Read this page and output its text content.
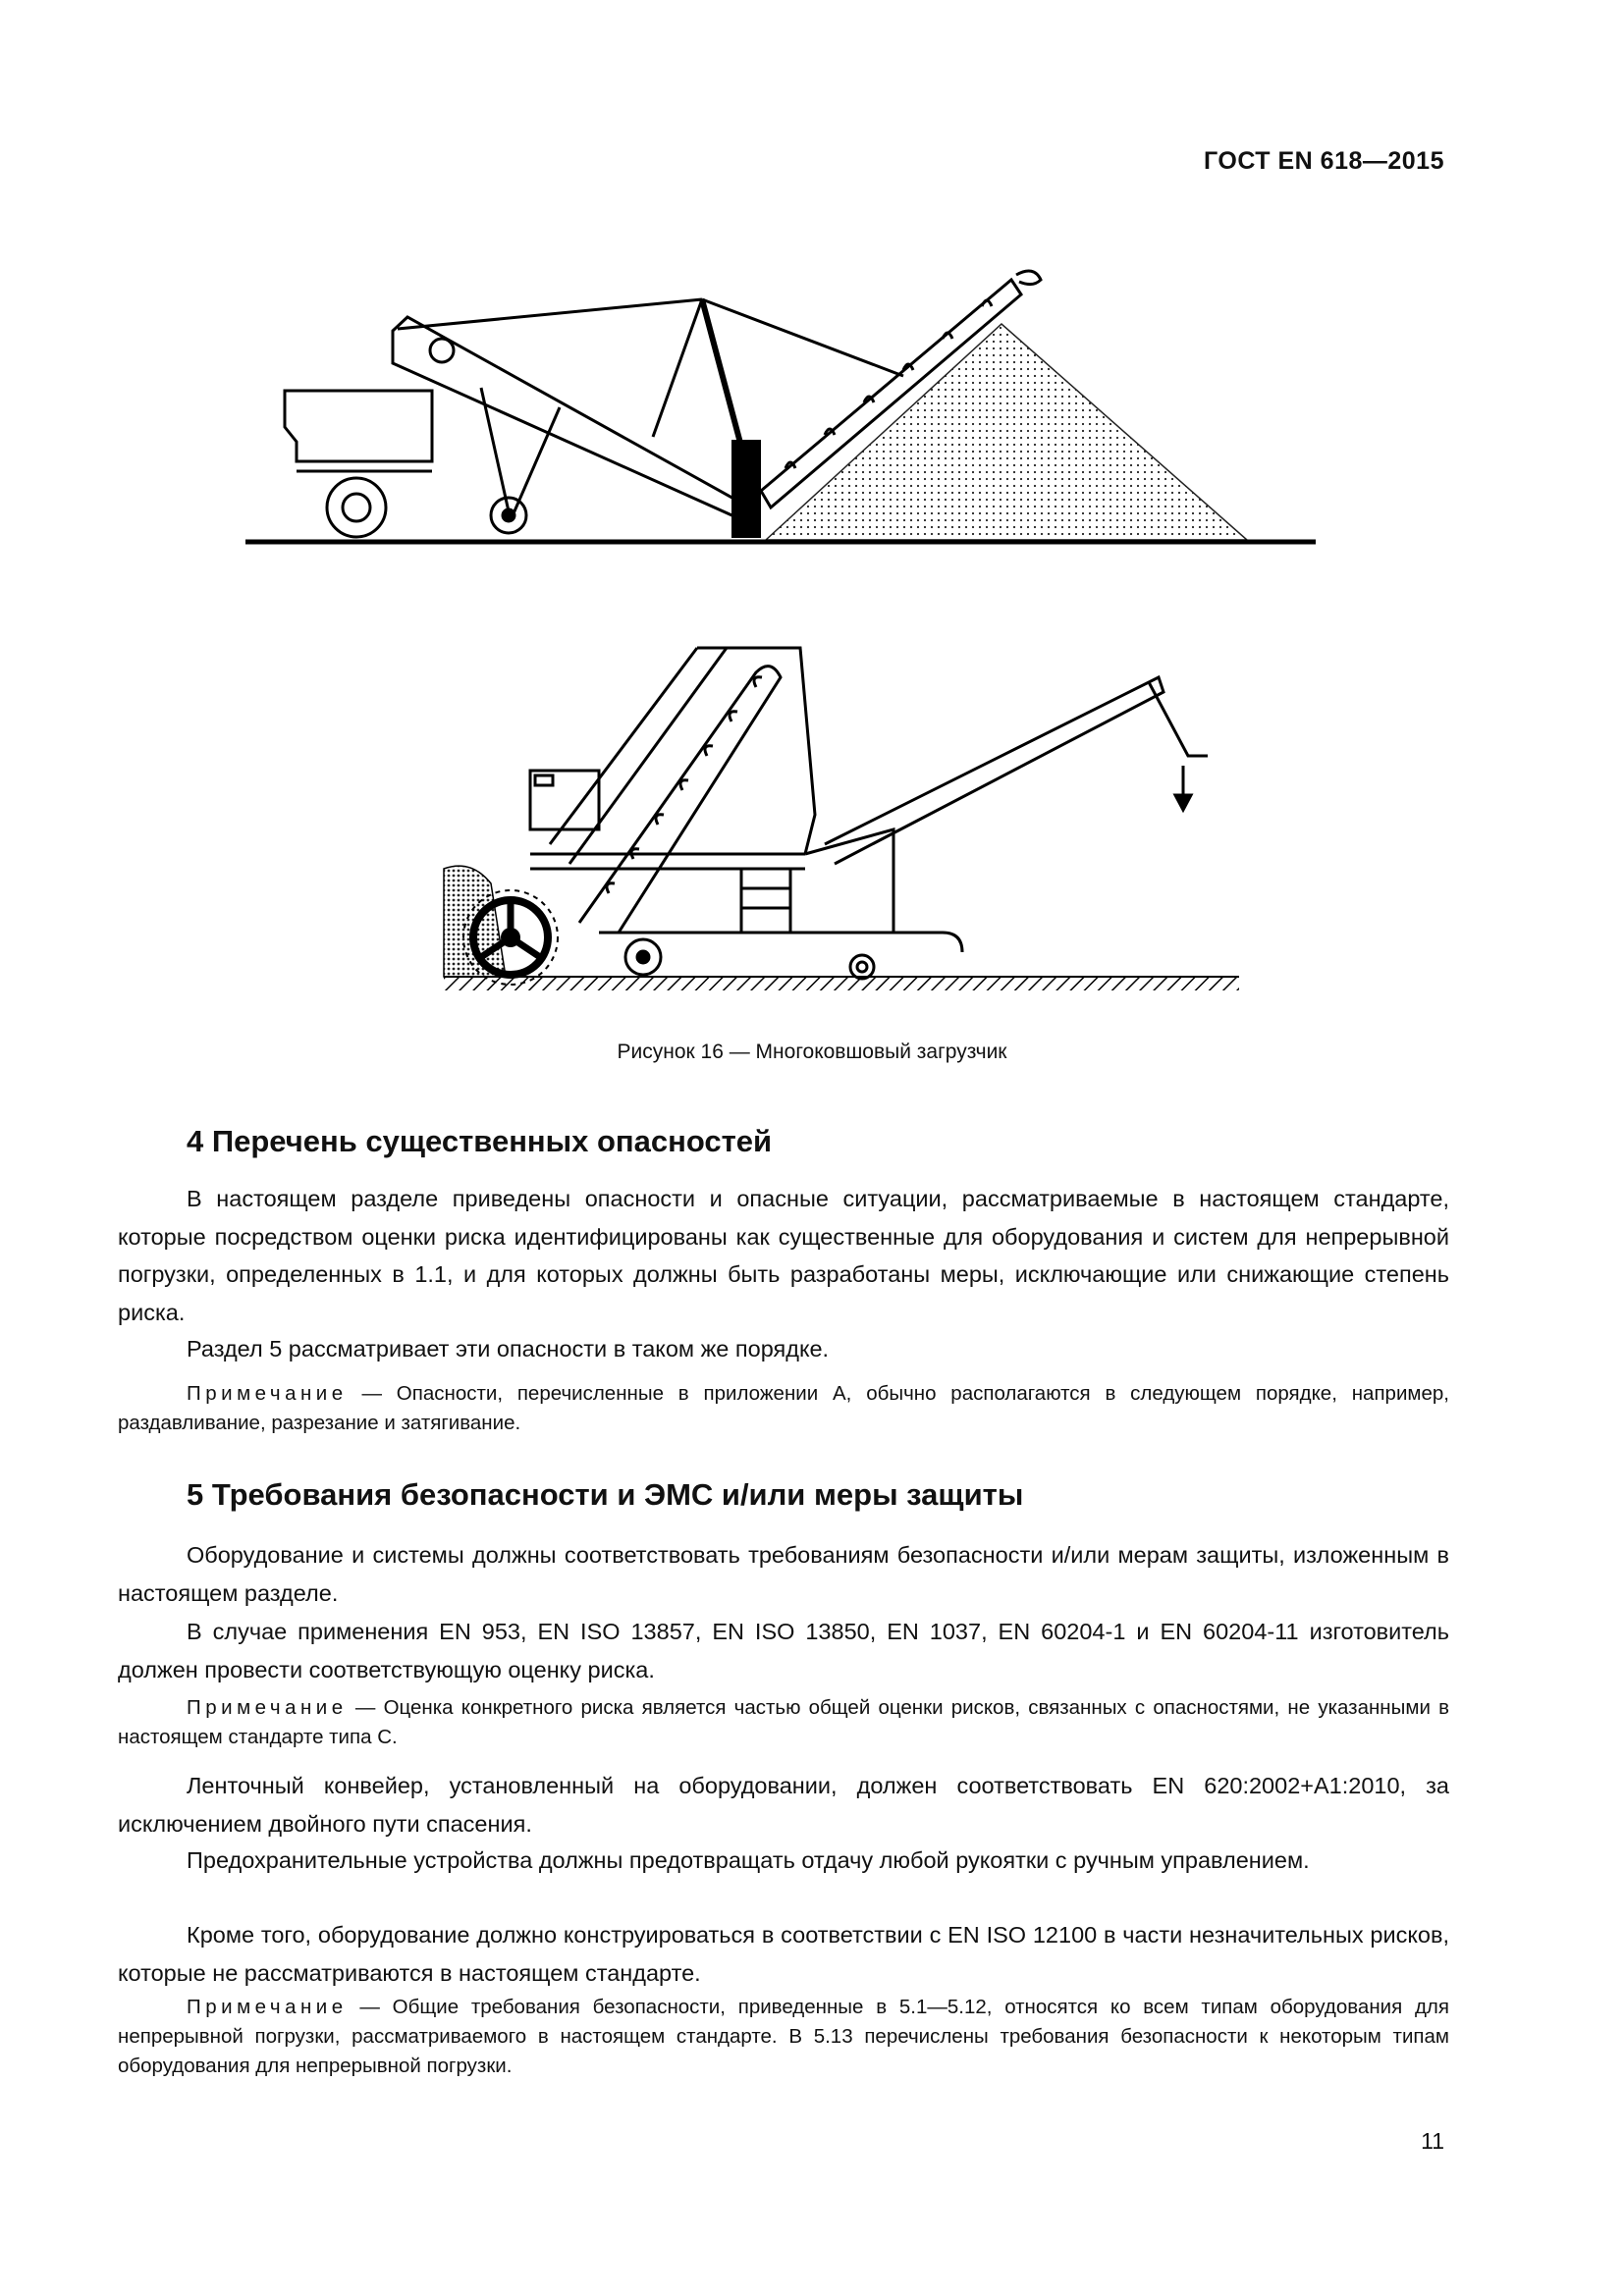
ГОСТ EN 618—2015
Рисунок 16 — Многоковшовый загрузчик
4 Перечень существенных опасностей
В настоящем разделе приведены опасности и опасные ситуации, рассматриваемые в настоящем стандарте, которые посредством оценки риска идентифицированы как существенные для оборудования и систем для непрерывной погрузки, определенных в 1.1, и для которых должны быть разработаны меры, исключающие или снижающие степень риска.
Раздел 5 рассматривает эти опасности в таком же порядке.
Примечание — Опасности, перечисленные в приложении А, обычно располагаются в следующем порядке, например, раздавливание, разрезание и затягивание.
5 Требования безопасности и ЭМС и/или меры защиты
Оборудование и системы должны соответствовать требованиям безопасности и/или мерам защиты, изложенным в настоящем разделе.
В случае применения EN 953, EN ISO 13857, EN ISO 13850, EN 1037, EN 60204-1 и EN 60204-11 изготовитель должен провести соответствующую оценку риска.
Примечание — Оценка конкретного риска является частью общей оценки рисков, связанных с опасностями, не указанными в настоящем стандарте типа С.
Ленточный конвейер, установленный на оборудовании, должен соответствовать EN 620:2002+A1:2010, за исключением двойного пути спасения.
Предохранительные устройства должны предотвращать отдачу любой рукоятки с ручным управлением.
Кроме того, оборудование должно конструироваться в соответствии с EN ISO 12100 в части незначительных рисков, которые не рассматриваются в настоящем стандарте.
Примечание — Общие требования безопасности, приведенные в 5.1—5.12, относятся ко всем типам оборудования для непрерывной погрузки, рассматриваемого в настоящем стандарте. В 5.13 перечислены требования безопасности к некоторым типам оборудования для непрерывной погрузки.
11
